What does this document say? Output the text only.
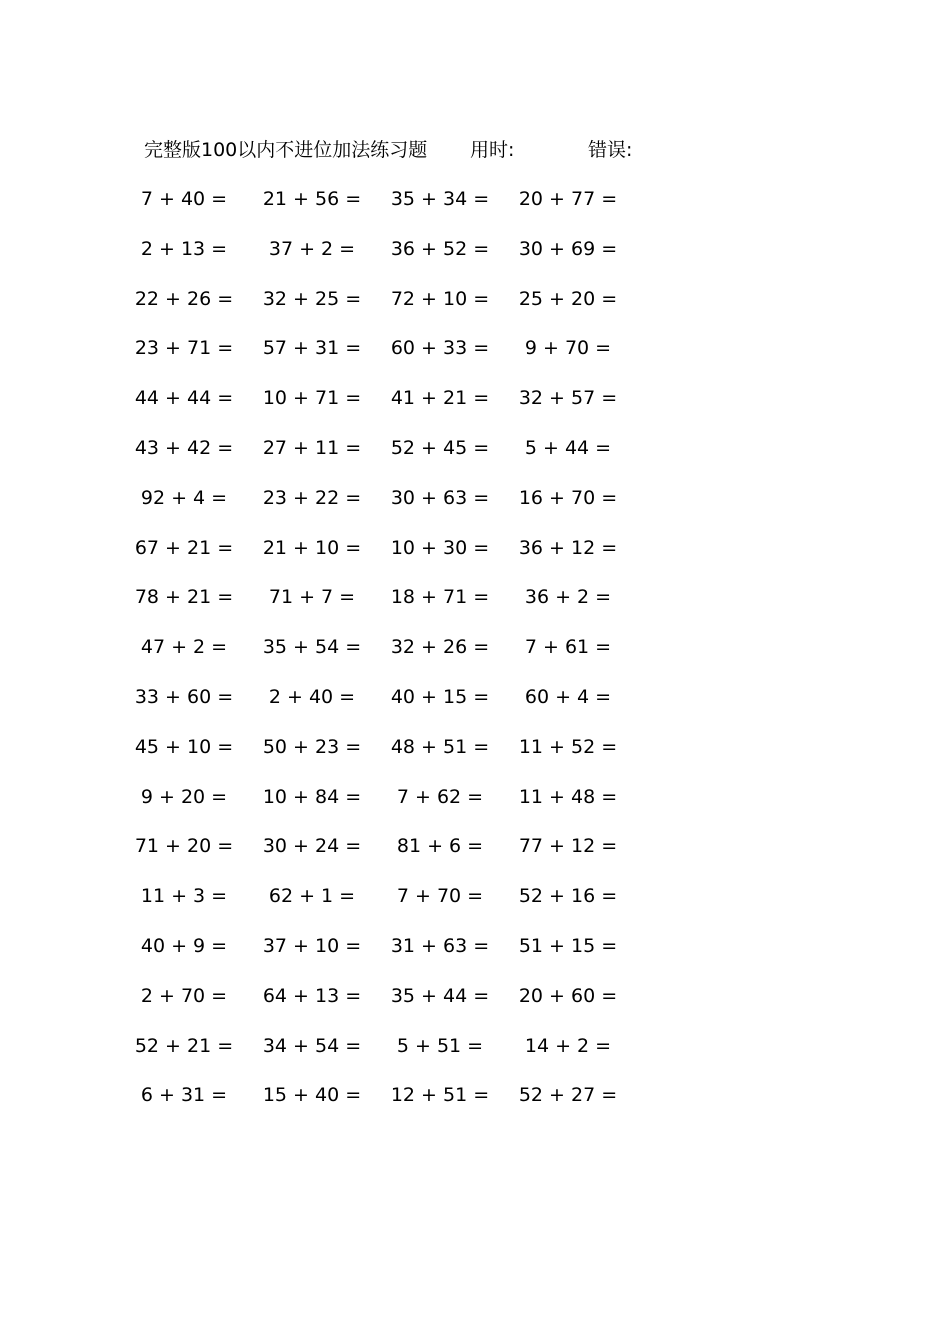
完整版100以内不进位加法练习题 用时:	错误:
7 + 40 =	21 + 56 = 35 + 34 = 20 + 77 =
2 + 13 =	37 + 2 =	36 + 52 = 30 + 69 =
22 + 26 = 32 + 25 = 72 + 10 = 25 + 20 =
23 + 71 = 57 + 31 = 60 + 33 =	9 + 70 =
44 + 44 = 10 + 71 = 41 + 21 = 32 + 57 =
43 + 42 = 27 + 11 = 52 + 45 =	5 + 44 =
92 + 4 =	23 + 22 = 30 + 63 = 16 + 70 =
67 + 21 = 21 + 10 = 10 + 30 = 36 + 12 =
78 + 21 =	71 + 7 =	18 + 71 =	36 + 2 =
47 + 2 =	35 + 54 = 32 + 26 =	7 + 61 =
33 + 60 =	2 + 40 =	40 + 15 =	60 + 4 =
45 + 10 = 50 + 23 = 48 + 51 = 11 + 52 =
9 + 20 =	10 + 84 =	7 + 62 =	11 + 48 =
71 + 20 = 30 + 24 =	81 + 6 =	77 + 12 =
11 + 3 =	62 + 1 =	7 + 70 =	52 + 16 =
40 + 9 =	37 + 10 = 31 + 63 = 51 + 15 =
2 + 70 =	64 + 13 = 35 + 44 = 20 + 60 =
52 + 21 = 34 + 54 =	5 + 51 =	14 + 2 =
6 + 31 =	15 + 40 = 12 + 51 = 52 + 27 =
